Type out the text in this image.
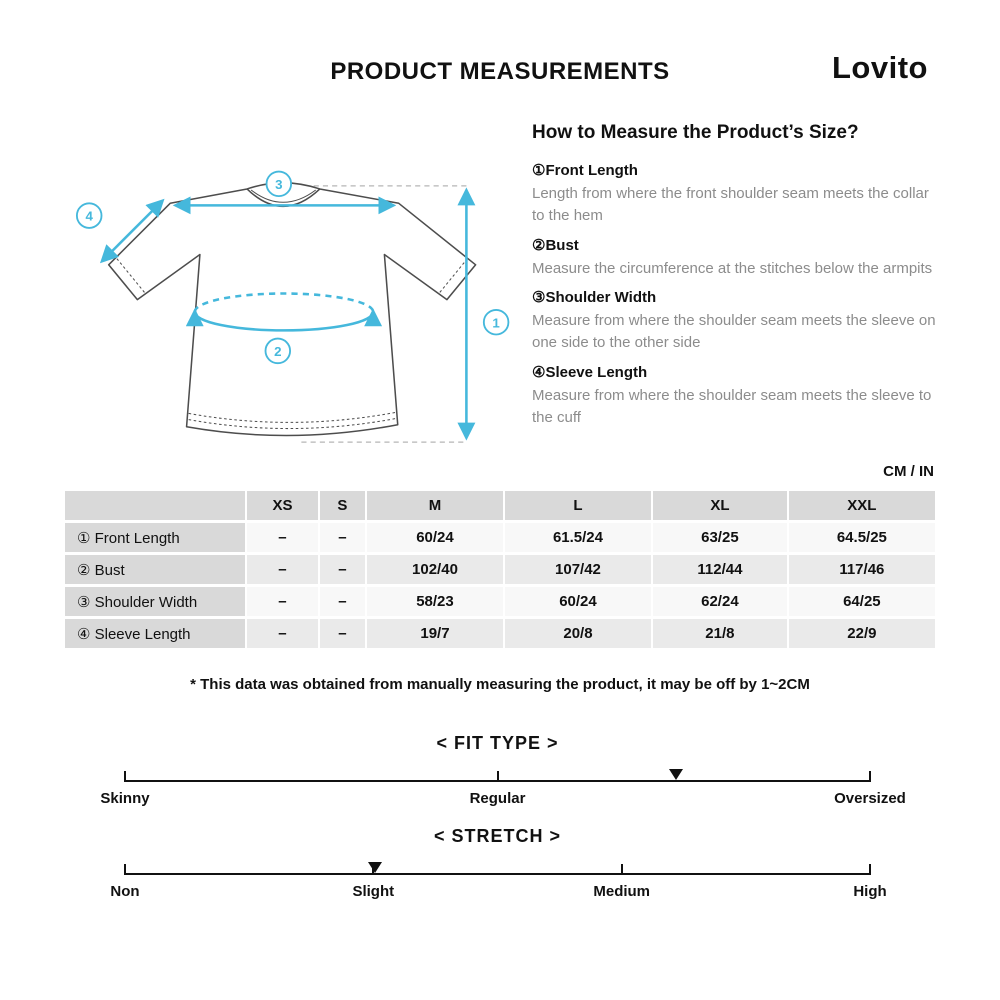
PRODUCT MEASUREMENTS	Lovito
3
4
2
1
How to Measure the Product’s Size?
①Front Length
Length from where the front shoulder seam meets the collar to the hem
②Bust
Measure the circumference at the stitches below the armpits
③Shoulder Width
Measure from where the shoulder seam meets the sleeve on one side to the other side
④Sleeve Length
Measure from where the shoulder seam meets the sleeve to the cuff
CM / IN
	XS	S	M	L	XL	XXL
① Front Length	–	–	60/24	61.5/24	63/25	64.5/25
② Bust	–	–	102/40	107/42	112/44	117/46
③ Shoulder Width	–	–	58/23	60/24	62/24	64/25
④ Sleeve Length	–	–	19/7	20/8	21/8	22/9
* This data was obtained from manually measuring the product, it may be off by 1~2CM
< FIT TYPE >
Skinny	Regular	Oversized
< STRETCH >
Non	Slight	Medium	High
